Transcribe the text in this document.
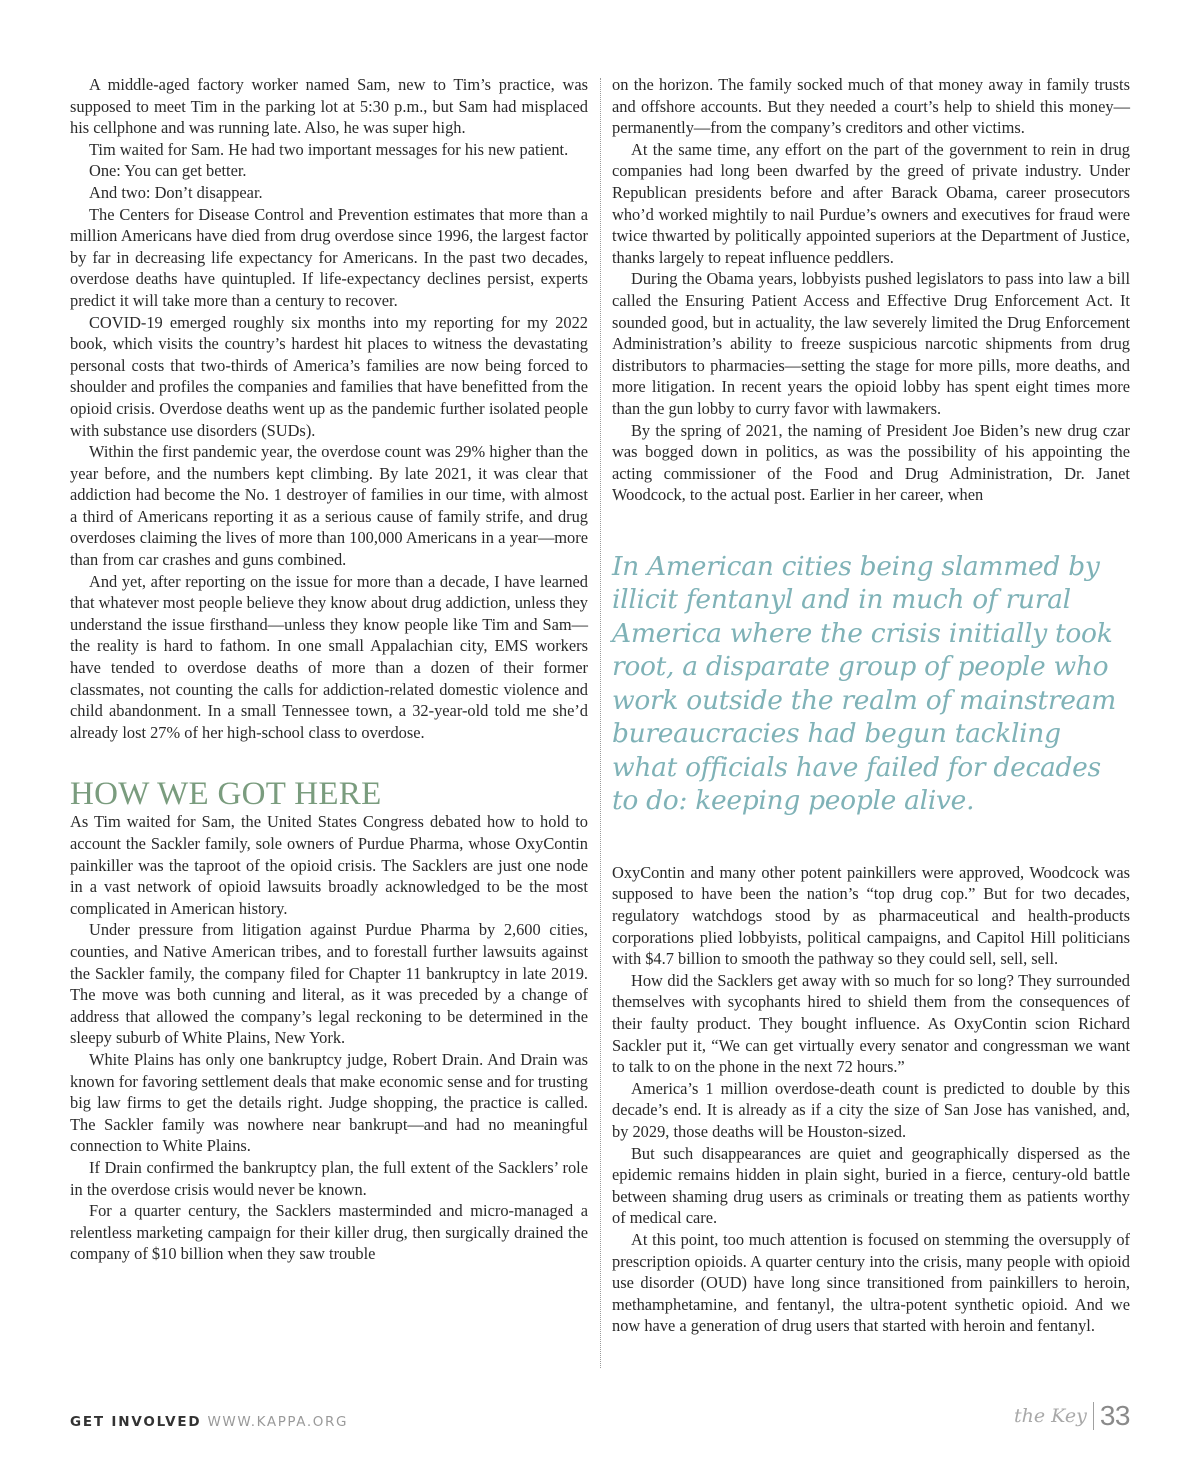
A middle-aged factory worker named Sam, new to Tim’s practice, was supposed to meet Tim in the parking lot at 5:30 p.m., but Sam had misplaced his cellphone and was running late. Also, he was super high.

Tim waited for Sam. He had two important messages for his new patient.

One: You can get better.

And two: Don’t disappear.

The Centers for Disease Control and Prevention estimates that more than a million Americans have died from drug overdose since 1996, the largest factor by far in decreasing life expectancy for Americans. In the past two decades, overdose deaths have quintupled. If life-expectancy declines persist, experts predict it will take more than a century to recover.

COVID-19 emerged roughly six months into my reporting for my 2022 book, which visits the country’s hardest hit places to witness the devastating personal costs that two-thirds of America’s families are now being forced to shoulder and profiles the companies and families that have benefitted from the opioid crisis. Overdose deaths went up as the pandemic further isolated people with substance use disorders (SUDs).

Within the first pandemic year, the overdose count was 29% higher than the year before, and the numbers kept climbing. By late 2021, it was clear that addiction had become the No. 1 destroyer of families in our time, with almost a third of Americans reporting it as a serious cause of family strife, and drug overdoses claiming the lives of more than 100,000 Americans in a year—more than from car crashes and guns combined.

And yet, after reporting on the issue for more than a decade, I have learned that whatever most people believe they know about drug addiction, unless they understand the issue firsthand—unless they know people like Tim and Sam—the reality is hard to fathom. In one small Appalachian city, EMS workers have tended to overdose deaths of more than a dozen of their former classmates, not counting the calls for addiction-related domestic violence and child abandonment. In a small Tennessee town, a 32-year-old told me she’d already lost 27% of her high-school class to overdose.

HOW WE GOT HERE

As Tim waited for Sam, the United States Congress debated how to hold to account the Sackler family, sole owners of Purdue Pharma, whose OxyContin painkiller was the taproot of the opioid crisis. The Sacklers are just one node in a vast network of opioid lawsuits broadly acknowledged to be the most complicated in American history.

Under pressure from litigation against Purdue Pharma by 2,600 cities, counties, and Native American tribes, and to forestall further lawsuits against the Sackler family, the company filed for Chapter 11 bankruptcy in late 2019. The move was both cunning and literal, as it was preceded by a change of address that allowed the company’s legal reckoning to be determined in the sleepy suburb of White Plains, New York.

White Plains has only one bankruptcy judge, Robert Drain. And Drain was known for favoring settlement deals that make economic sense and for trusting big law firms to get the details right. Judge shopping, the practice is called. The Sackler family was nowhere near bankrupt—and had no meaningful connection to White Plains.

If Drain confirmed the bankruptcy plan, the full extent of the Sacklers’ role in the overdose crisis would never be known.

For a quarter century, the Sacklers masterminded and micro-managed a relentless marketing campaign for their killer drug, then surgically drained the company of $10 billion when they saw trouble

on the horizon. The family socked much of that money away in family trusts and offshore accounts. But they needed a court’s help to shield this money—permanently—from the company’s creditors and other victims.

At the same time, any effort on the part of the government to rein in drug companies had long been dwarfed by the greed of private industry. Under Republican presidents before and after Barack Obama, career prosecutors who’d worked mightily to nail Purdue’s owners and executives for fraud were twice thwarted by politically appointed superiors at the Department of Justice, thanks largely to repeat influence peddlers.

During the Obama years, lobbyists pushed legislators to pass into law a bill called the Ensuring Patient Access and Effective Drug Enforcement Act. It sounded good, but in actuality, the law severely limited the Drug Enforcement Administration’s ability to freeze suspicious narcotic shipments from drug distributors to pharmacies—setting the stage for more pills, more deaths, and more litigation. In recent years the opioid lobby has spent eight times more than the gun lobby to curry favor with lawmakers.

By the spring of 2021, the naming of President Joe Biden’s new drug czar was bogged down in politics, as was the possibility of his appointing the acting commissioner of the Food and Drug Administration, Dr. Janet Woodcock, to the actual post. Earlier in her career, when

In American cities being slammed by illicit fentanyl and in much of rural America where the crisis initially took root, a disparate group of people who work outside the realm of mainstream bureaucracies had begun tackling what officials have failed for decades to do: keeping people alive.

OxyContin and many other potent painkillers were approved, Woodcock was supposed to have been the nation’s “top drug cop.” But for two decades, regulatory watchdogs stood by as pharmaceutical and health-products corporations plied lobbyists, political campaigns, and Capitol Hill politicians with $4.7 billion to smooth the pathway so they could sell, sell, sell.

How did the Sacklers get away with so much for so long? They surrounded themselves with sycophants hired to shield them from the consequences of their faulty product. They bought influence. As OxyContin scion Richard Sackler put it, “We can get virtually every senator and congressman we want to talk to on the phone in the next 72 hours.”

America’s 1 million overdose-death count is predicted to double by this decade’s end. It is already as if a city the size of San Jose has vanished, and, by 2029, those deaths will be Houston-sized.

But such disappearances are quiet and geographically dispersed as the epidemic remains hidden in plain sight, buried in a fierce, century-old battle between shaming drug users as criminals or treating them as patients worthy of medical care.

At this point, too much attention is focused on stemming the oversupply of prescription opioids. A quarter century into the crisis, many people with opioid use disorder (OUD) have long since transitioned from painkillers to heroin, methamphetamine, and fentanyl, the ultra-potent synthetic opioid. And we now have a generation of drug users that started with heroin and fentanyl.

GET INVOLVED WWW.KAPPA.ORG	the Key 33
